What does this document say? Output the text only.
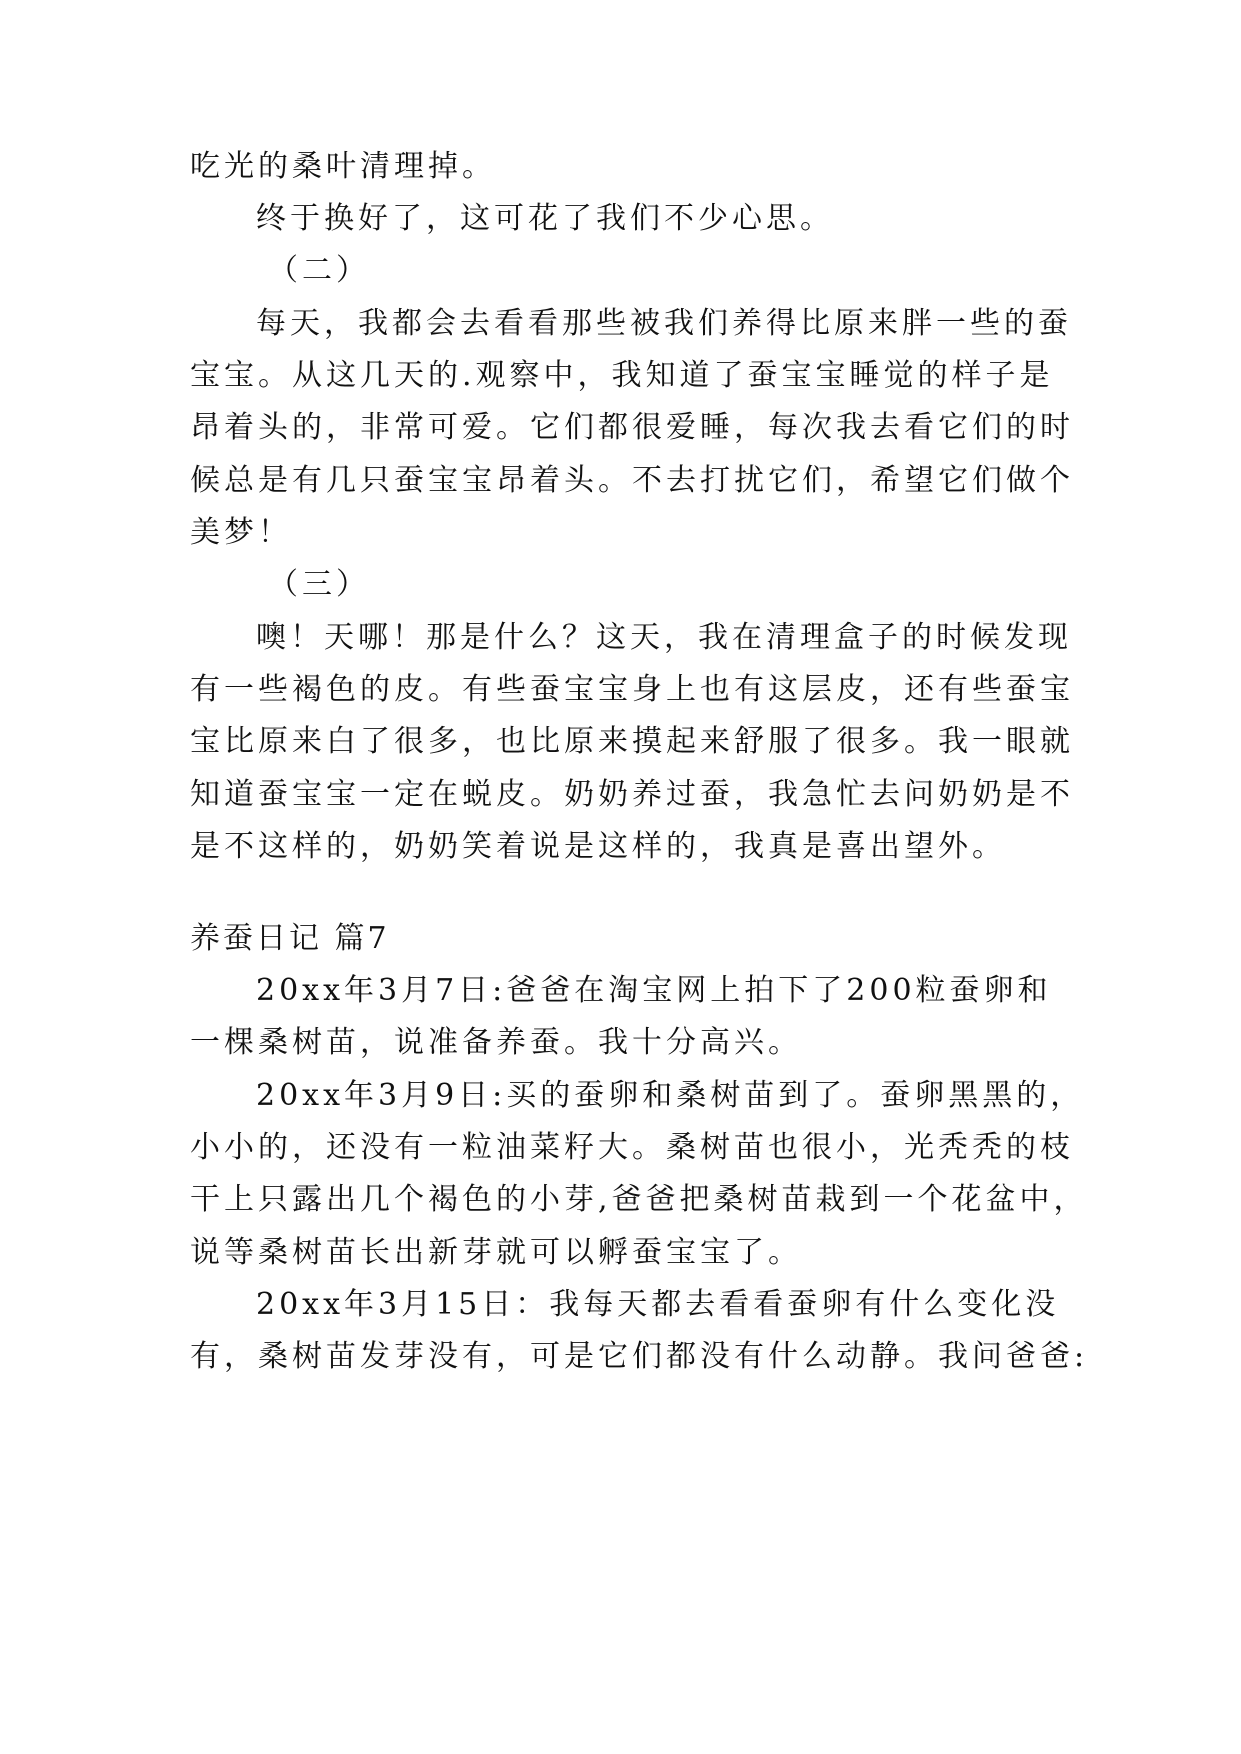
吃光的桑叶清理掉。
终于换好了，这可花了我们不少心思。
（二）
每天，我都会去看看那些被我们养得比原来胖一些的蚕
宝宝。从这几天的.观察中，我知道了蚕宝宝睡觉的样子是
昂着头的，非常可爱。它们都很爱睡，每次我去看它们的时
候总是有几只蚕宝宝昂着头。不去打扰它们，希望它们做个
美梦！
（三）
噢！天哪！那是什么？这天，我在清理盒子的时候发现
有一些褐色的皮。有些蚕宝宝身上也有这层皮，还有些蚕宝
宝比原来白了很多，也比原来摸起来舒服了很多。我一眼就
知道蚕宝宝一定在蜕皮。奶奶养过蚕，我急忙去问奶奶是不
是不这样的，奶奶笑着说是这样的，我真是喜出望外。
养蚕日记 篇7
20xx年3月7日:爸爸在淘宝网上拍下了200粒蚕卵和
一棵桑树苗，说准备养蚕。我十分高兴。
20xx年3月9日:买的蚕卵和桑树苗到了。蚕卵黑黑的，
小小的，还没有一粒油菜籽大。桑树苗也很小，光秃秃的枝
干上只露出几个褐色的小芽,爸爸把桑树苗栽到一个花盆中，
说等桑树苗长出新芽就可以孵蚕宝宝了。
20xx年3月15日：我每天都去看看蚕卵有什么变化没
有，桑树苗发芽没有，可是它们都没有什么动静。我问爸爸:
